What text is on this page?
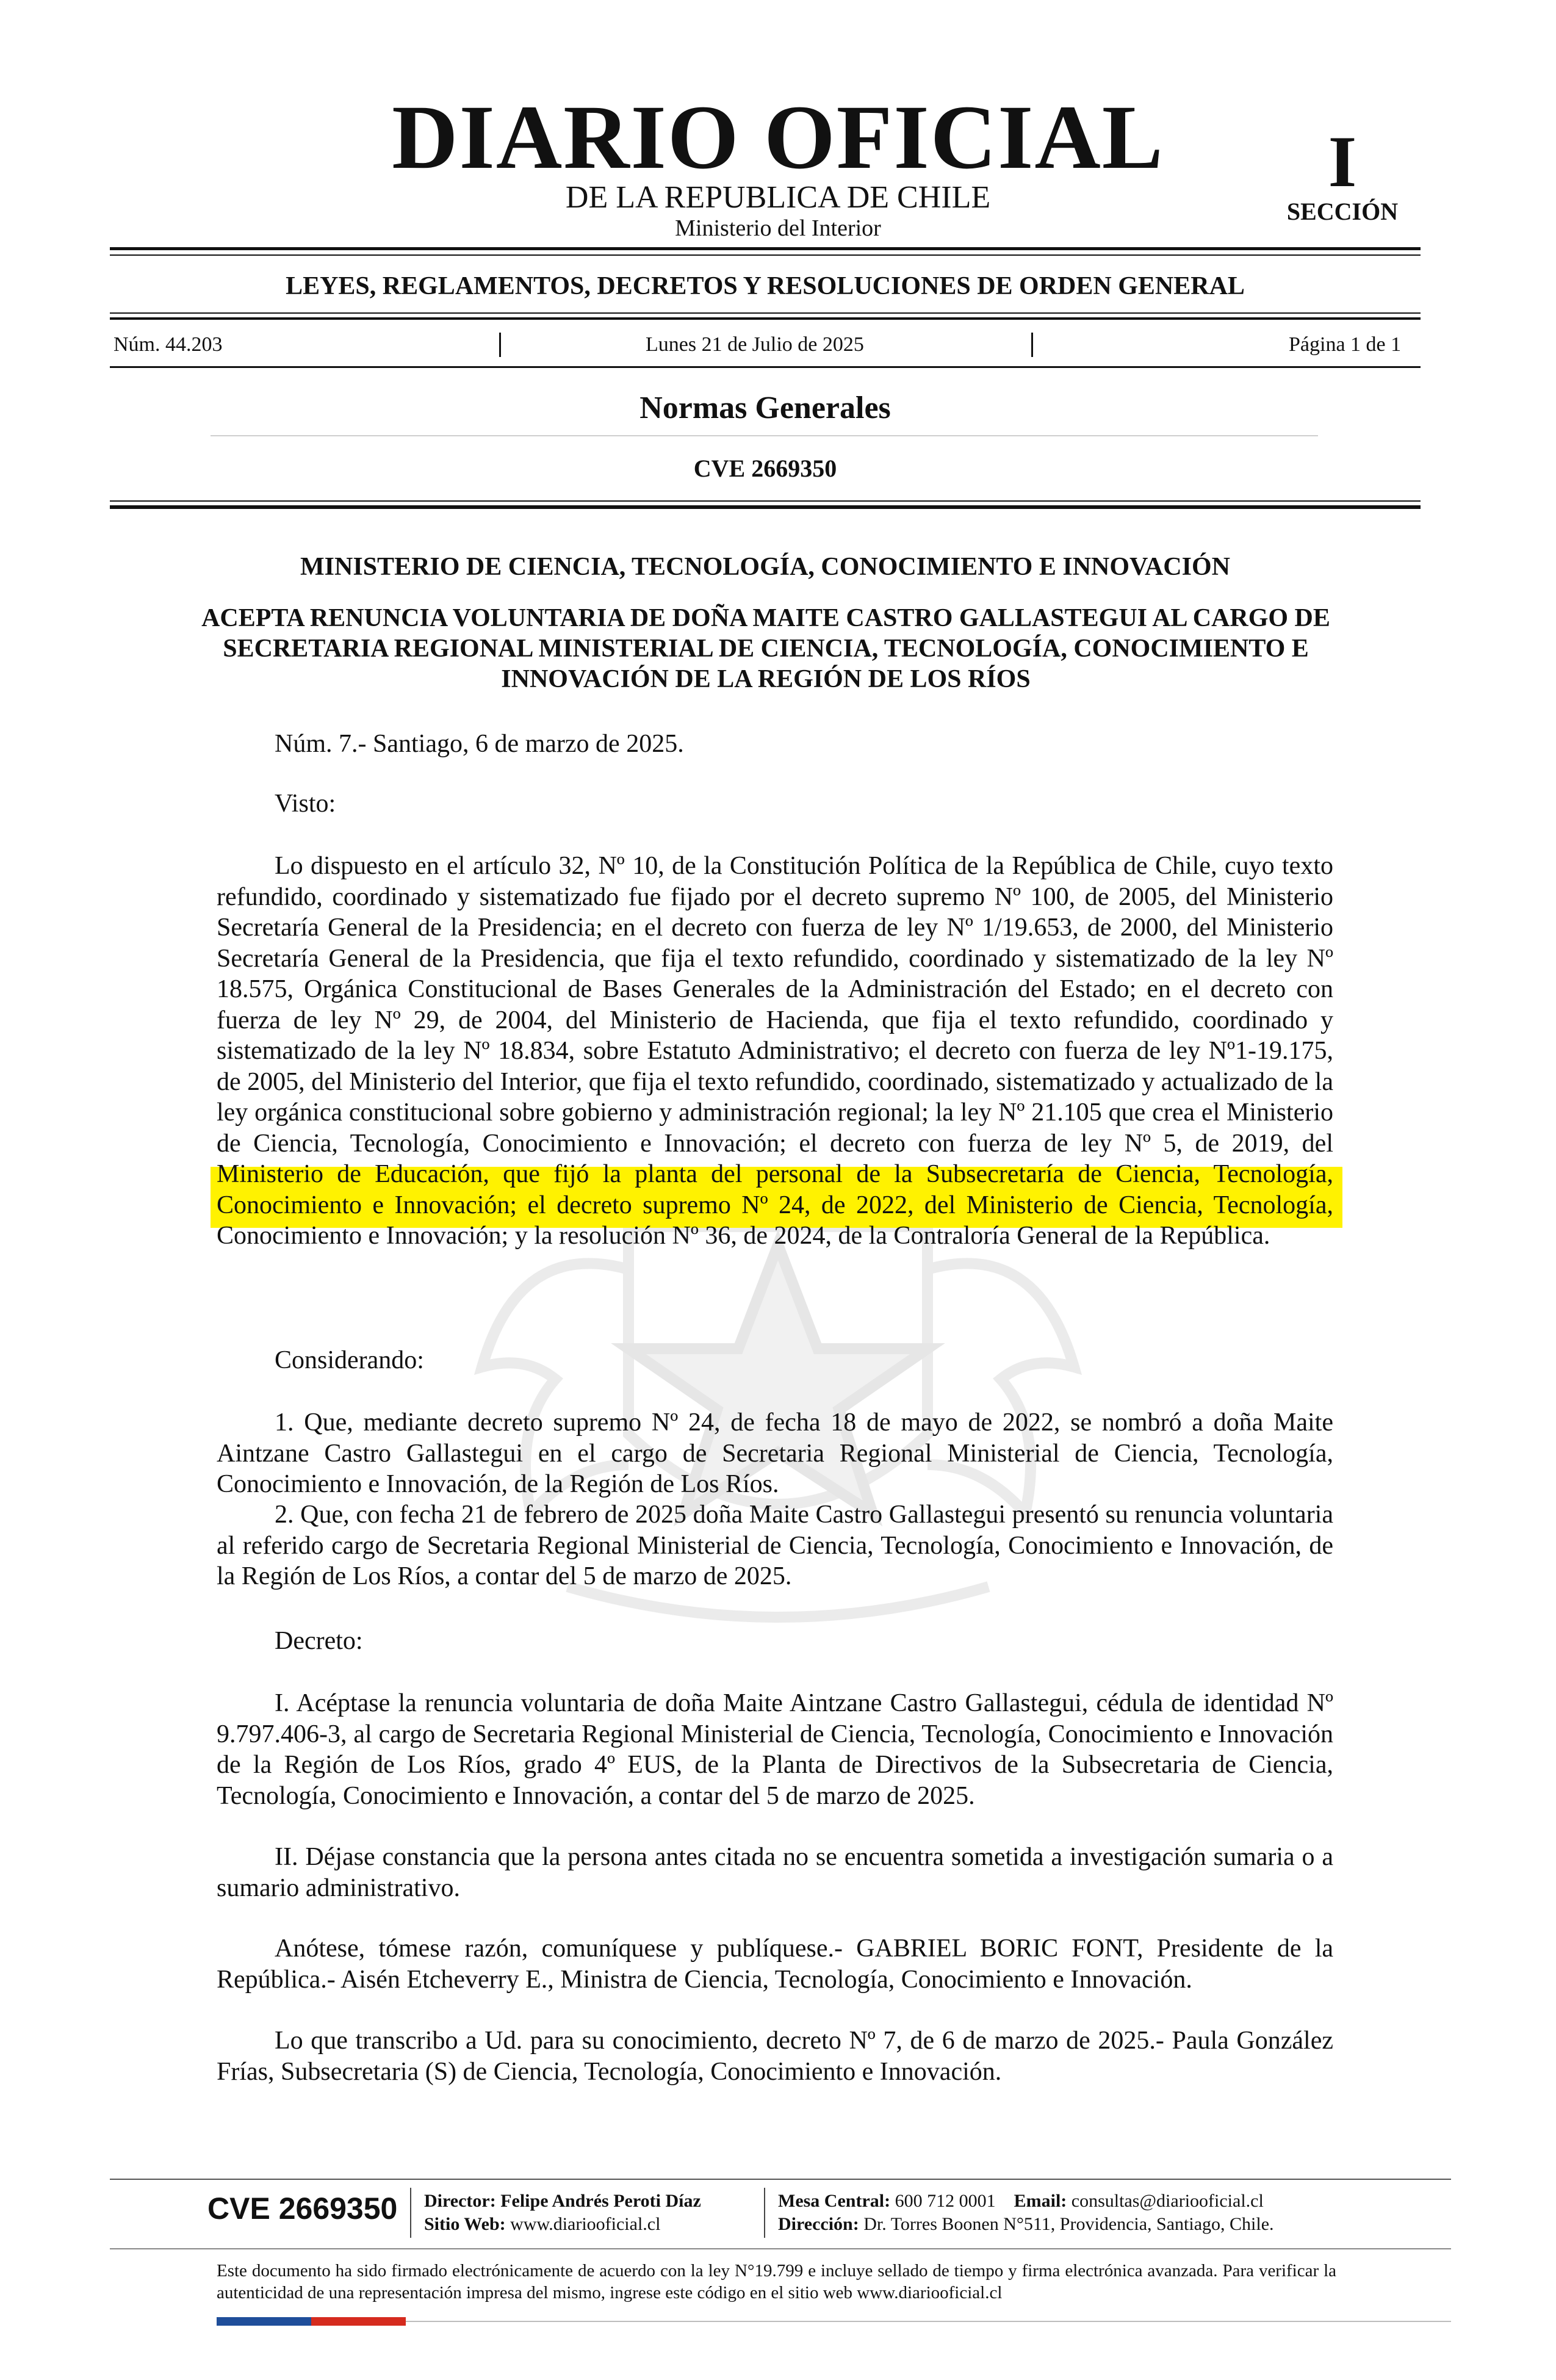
DIARIO OFICIAL
DE LA REPUBLICA DE CHILE
Ministerio del Interior
I
SECCIÓN
LEYES, REGLAMENTOS, DECRETOS Y RESOLUCIONES DE ORDEN GENERAL
Núm. 44.203	Lunes 21 de Julio de 2025	Página 1 de 1
Normas Generales
CVE 2669350
MINISTERIO DE CIENCIA, TECNOLOGÍA, CONOCIMIENTO E INNOVACIÓN
ACEPTA RENUNCIA VOLUNTARIA DE DOÑA MAITE CASTRO GALLASTEGUI AL CARGO DE SECRETARIA REGIONAL MINISTERIAL DE CIENCIA, TECNOLOGÍA, CONOCIMIENTO E INNOVACIÓN DE LA REGIÓN DE LOS RÍOS
Núm. 7.- Santiago, 6 de marzo de 2025.
Visto:
Lo dispuesto en el artículo 32, Nº 10, de la Constitución Política de la República de Chile, cuyo texto refundido, coordinado y sistematizado fue fijado por el decreto supremo Nº 100, de 2005, del Ministerio Secretaría General de la Presidencia; en el decreto con fuerza de ley Nº 1/19.653, de 2000, del Ministerio Secretaría General de la Presidencia, que fija el texto refundido, coordinado y sistematizado de la ley Nº 18.575, Orgánica Constitucional de Bases Generales de la Administración del Estado; en el decreto con fuerza de ley Nº 29, de 2004, del Ministerio de Hacienda, que fija el texto refundido, coordinado y sistematizado de la ley Nº 18.834, sobre Estatuto Administrativo; el decreto con fuerza de ley Nº1-19.175, de 2005, del Ministerio del Interior, que fija el texto refundido, coordinado, sistematizado y actualizado de la ley orgánica constitucional sobre gobierno y administración regional; la ley Nº 21.105 que crea el Ministerio de Ciencia, Tecnología, Conocimiento e Innovación; el decreto con fuerza de ley Nº 5, de 2019, del Ministerio de Educación, que fijó la planta del personal de la Subsecretaría de Ciencia, Tecnología, Conocimiento e Innovación; el decreto supremo Nº 24, de 2022, del Ministerio de Ciencia, Tecnología, Conocimiento e Innovación; y la resolución Nº 36, de 2024, de la Contraloría General de la República.
Considerando:
1. Que, mediante decreto supremo Nº 24, de fecha 18 de mayo de 2022, se nombró a doña Maite Aintzane Castro Gallastegui en el cargo de Secretaria Regional Ministerial de Ciencia, Tecnología, Conocimiento e Innovación, de la Región de Los Ríos.
2. Que, con fecha 21 de febrero de 2025 doña Maite Castro Gallastegui presentó su renuncia voluntaria al referido cargo de Secretaria Regional Ministerial de Ciencia, Tecnología, Conocimiento e Innovación, de la Región de Los Ríos, a contar del 5 de marzo de 2025.
Decreto:
I. Acéptase la renuncia voluntaria de doña Maite Aintzane Castro Gallastegui, cédula de identidad Nº 9.797.406-3, al cargo de Secretaria Regional Ministerial de Ciencia, Tecnología, Conocimiento e Innovación de la Región de Los Ríos, grado 4º EUS, de la Planta de Directivos de la Subsecretaria de Ciencia, Tecnología, Conocimiento e Innovación, a contar del 5 de marzo de 2025.
II. Déjase constancia que la persona antes citada no se encuentra sometida a investigación sumaria o a sumario administrativo.
Anótese, tómese razón, comuníquese y publíquese.- GABRIEL BORIC FONT, Presidente de la República.- Aisén Etcheverry E., Ministra de Ciencia, Tecnología, Conocimiento e Innovación.
Lo que transcribo a Ud. para su conocimiento, decreto Nº 7, de 6 de marzo de 2025.- Paula González Frías, Subsecretaria (S) de Ciencia, Tecnología, Conocimiento e Innovación.
CVE 2669350 Director: Felipe Andrés Peroti Díaz
Sitio Web: www.diariooficial.cl
Mesa Central: 600 712 0001 Email: consultas@diariooficial.cl
Dirección: Dr. Torres Boonen N°511, Providencia, Santiago, Chile.
Este documento ha sido firmado electrónicamente de acuerdo con la ley N°19.799 e incluye sellado de tiempo y firma electrónica avanzada. Para verificar la autenticidad de una representación impresa del mismo, ingrese este código en el sitio web www.diariooficial.cl
